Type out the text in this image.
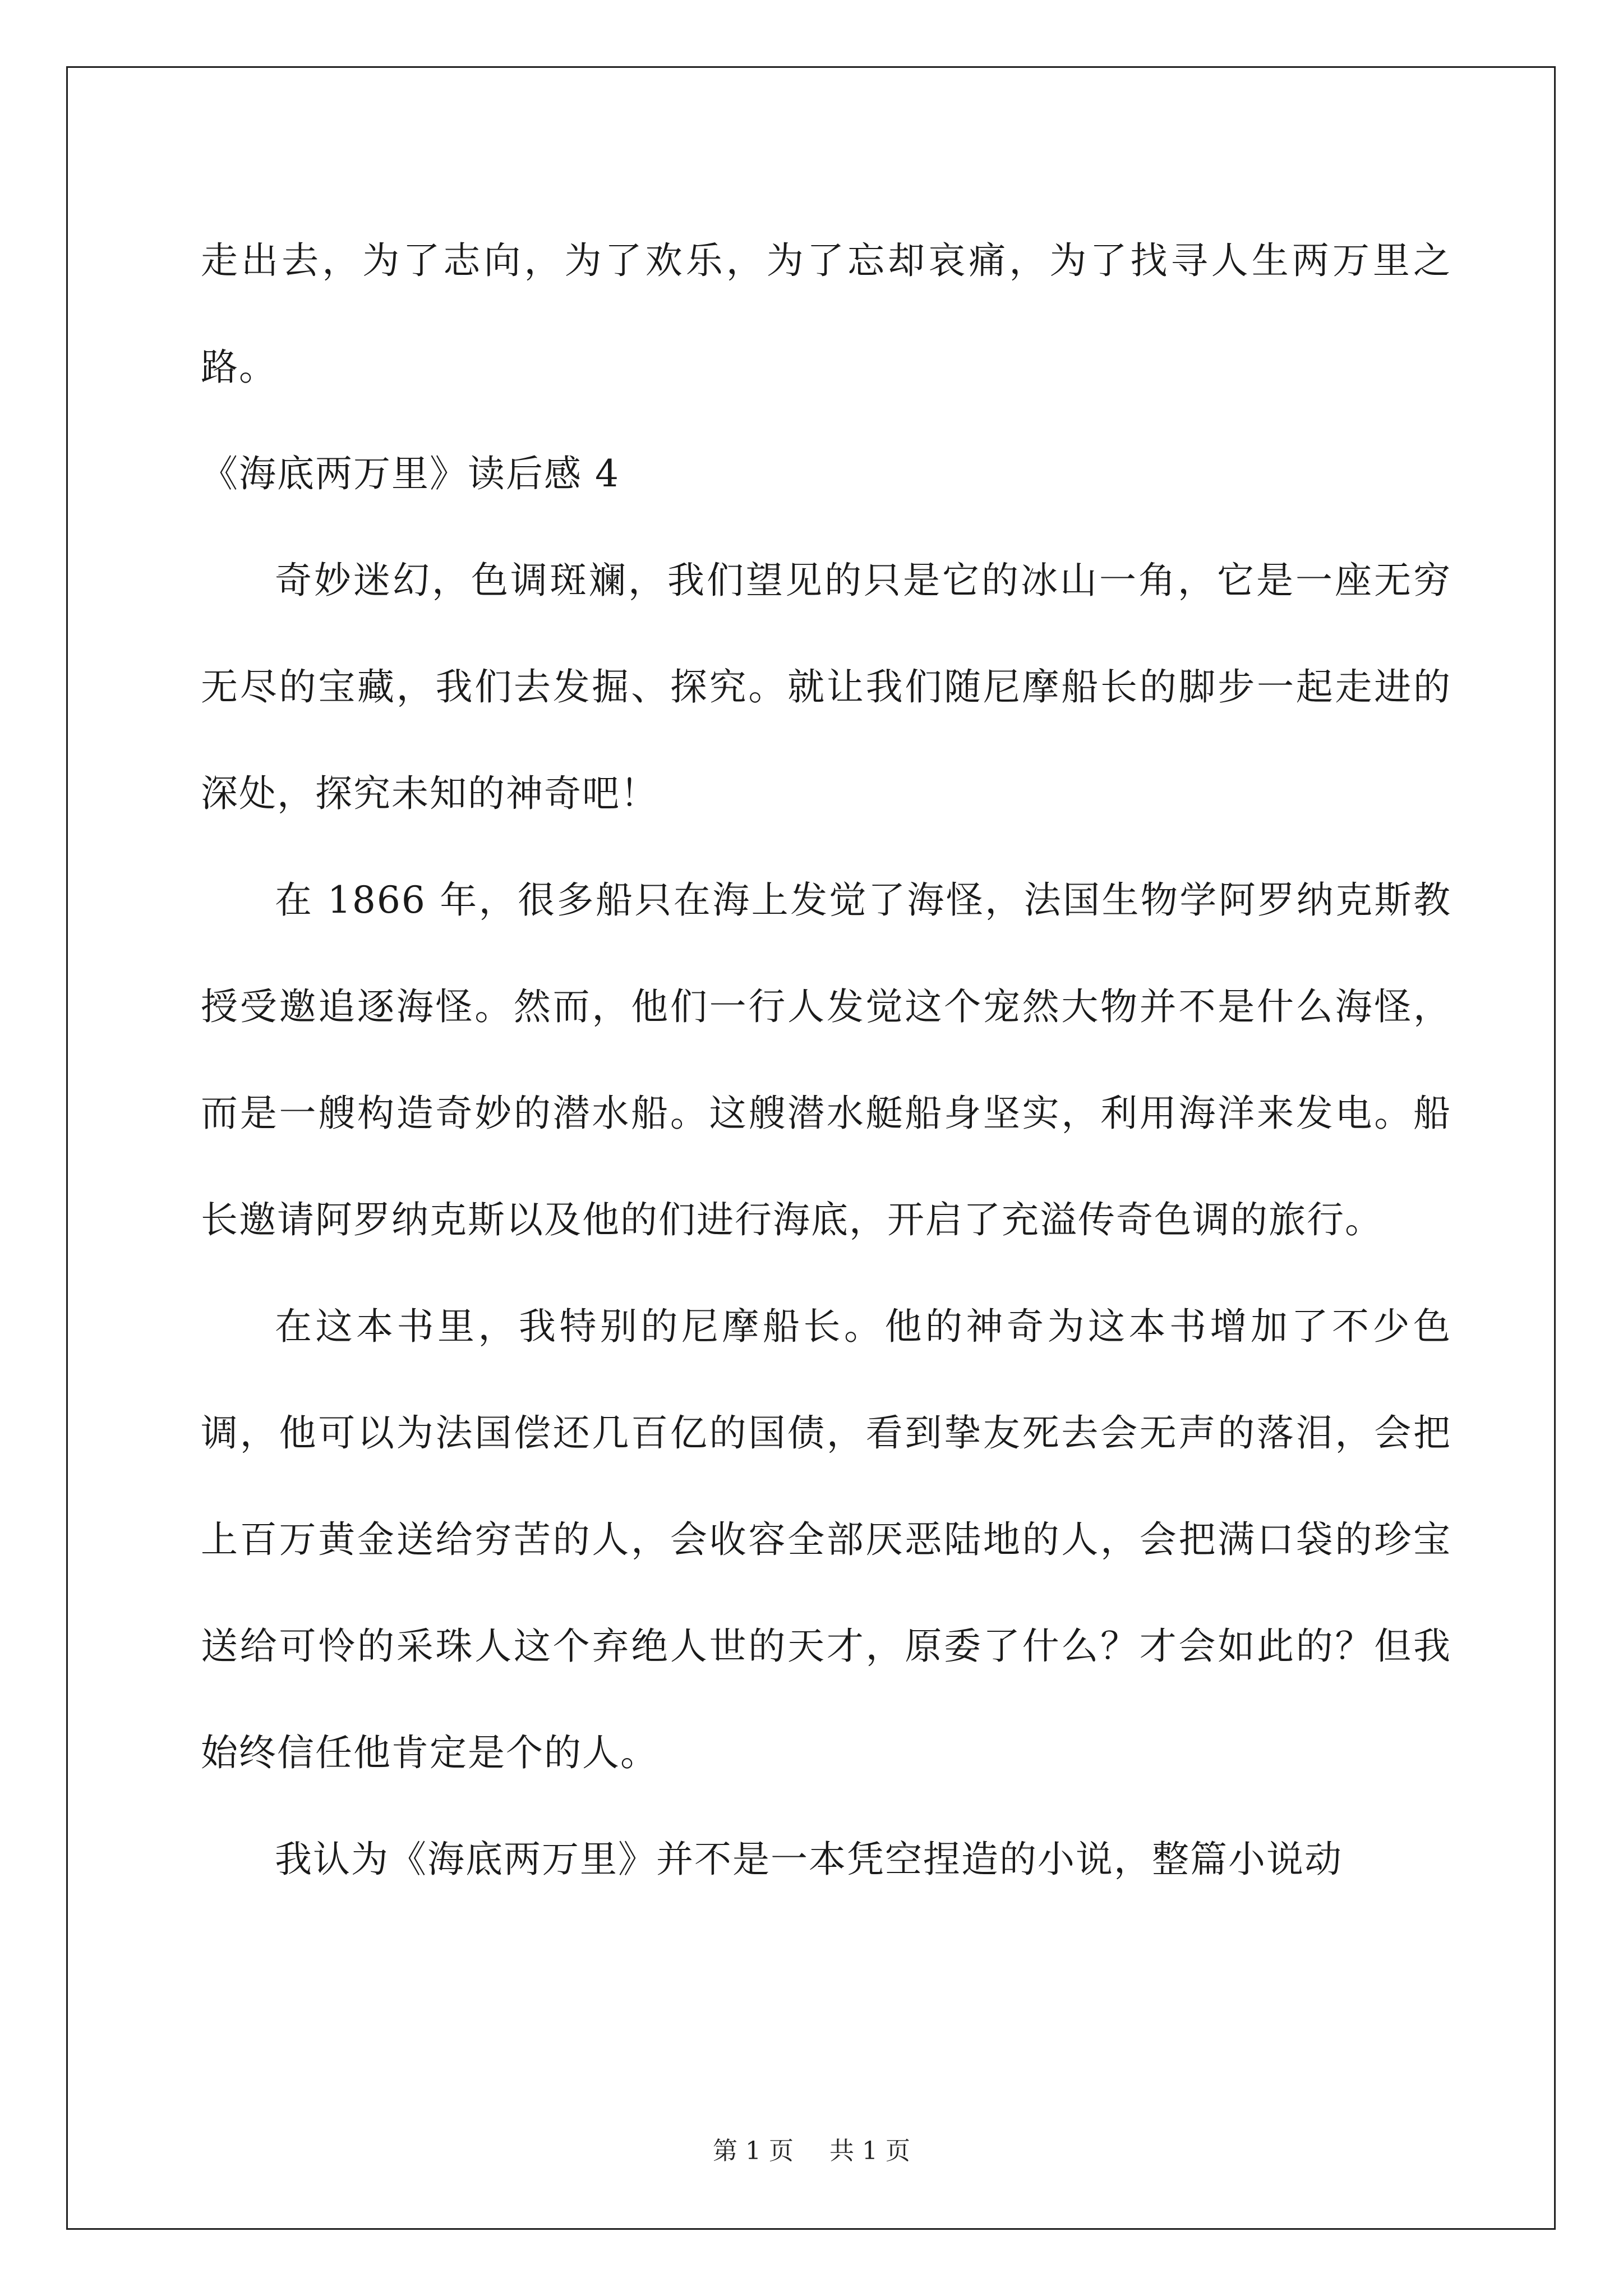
走出去，为了志向，为了欢乐，为了忘却哀痛，为了找寻人生两万里之路。

《海底两万里》读后感 4

奇妙迷幻，色调斑斓，我们望见的只是它的冰山一角，它是一座无穷无尽的宝藏，我们去发掘、探究。就让我们随尼摩船长的脚步一起走进的深处，探究未知的神奇吧！

在 1866 年，很多船只在海上发觉了海怪，法国生物学阿罗纳克斯教授受邀追逐海怪。然而，他们一行人发觉这个宠然大物并不是什么海怪，而是一艘构造奇妙的潜水船。这艘潜水艇船身坚实，利用海洋来发电。船长邀请阿罗纳克斯以及他的们进行海底，开启了充溢传奇色调的旅行。

在这本书里，我特别的尼摩船长。他的神奇为这本书增加了不少色调，他可以为法国偿还几百亿的国债，看到挚友死去会无声的落泪，会把上百万黄金送给穷苦的人，会收容全部厌恶陆地的人，会把满口袋的珍宝送给可怜的采珠人这个弃绝人世的天才，原委了什么？才会如此的？但我始终信任他肯定是个的人。

我认为《海底两万里》并不是一本凭空捏造的小说，整篇小说动

第 1 页 共 1 页
